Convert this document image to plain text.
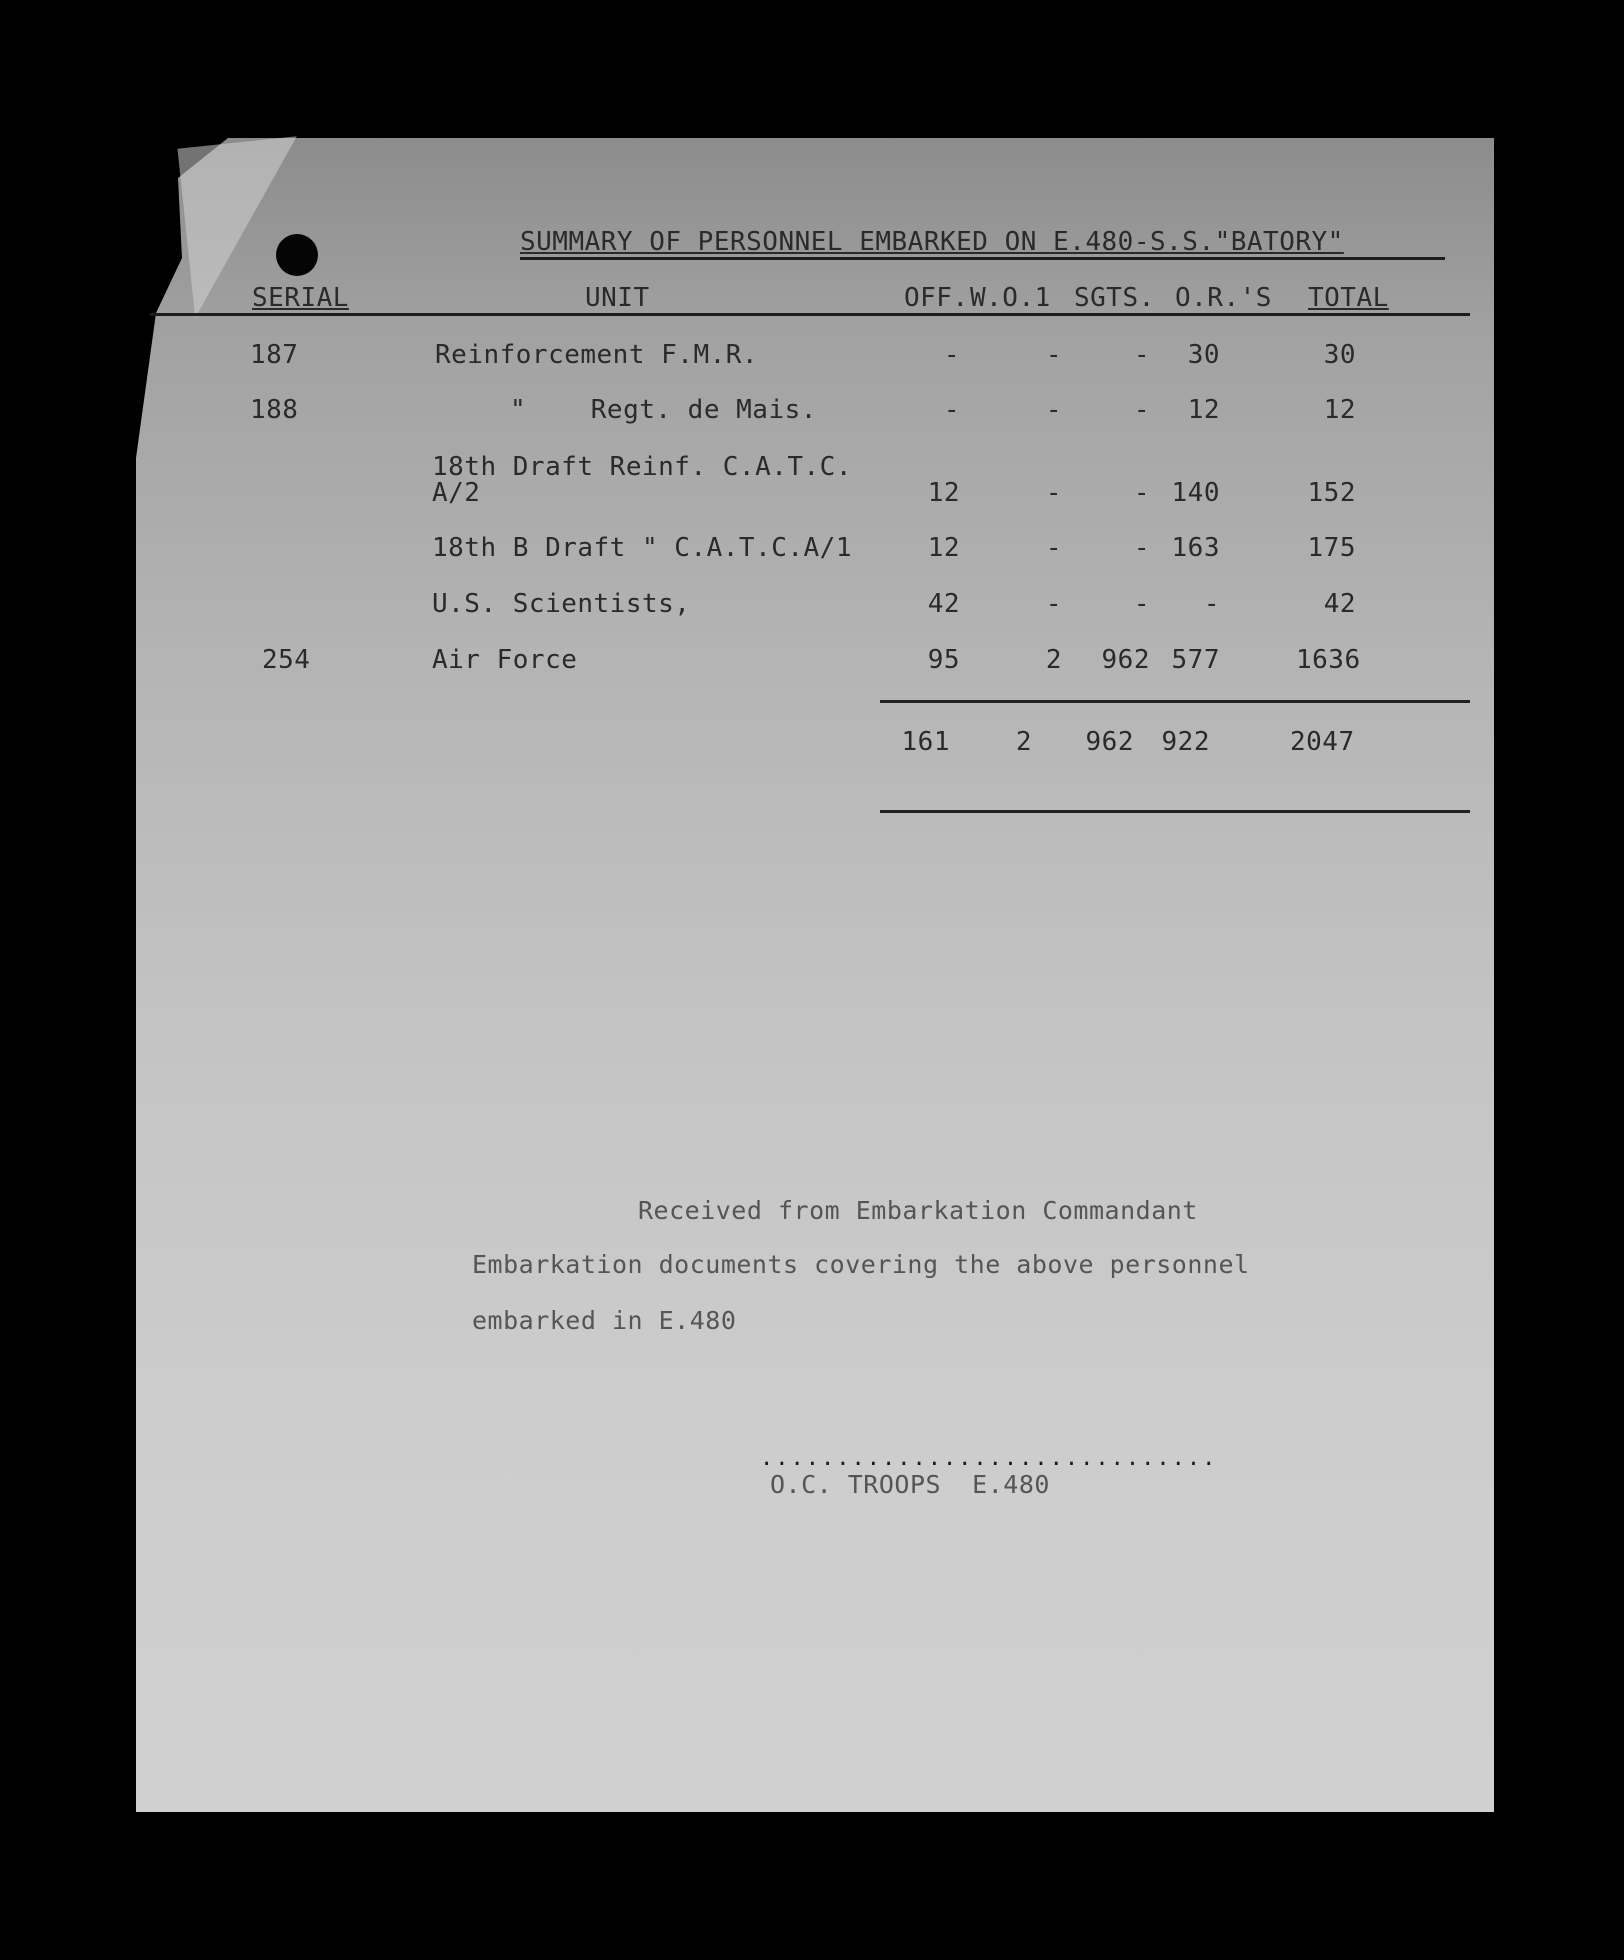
SUMMARY OF PERSONNEL EMBARKED ON E.480-S.S."BATORY"
SERIAL	UNIT	OFF. W.O.1 SGTS. O.R.'S TOTAL
187	Reinforcement F.M.R.	-	-	-	30	30
188	"    Regt. de Mais.	-	-	-	12	12
18th Draft Reinf. C.A.T.C.
A/2	12	-	- 140	152
18th B Draft " C.A.T.C.A/1	12	-	- 163	175
U.S. Scientists,	42	-	-	-	42
254	Air Force	95	2	962 577	1636
161	2	962	922	2047
Received from Embarkation Commandant
Embarkation documents covering the above personnel
embarked in E.480
..............................
O.C. TROOPS  E.480
